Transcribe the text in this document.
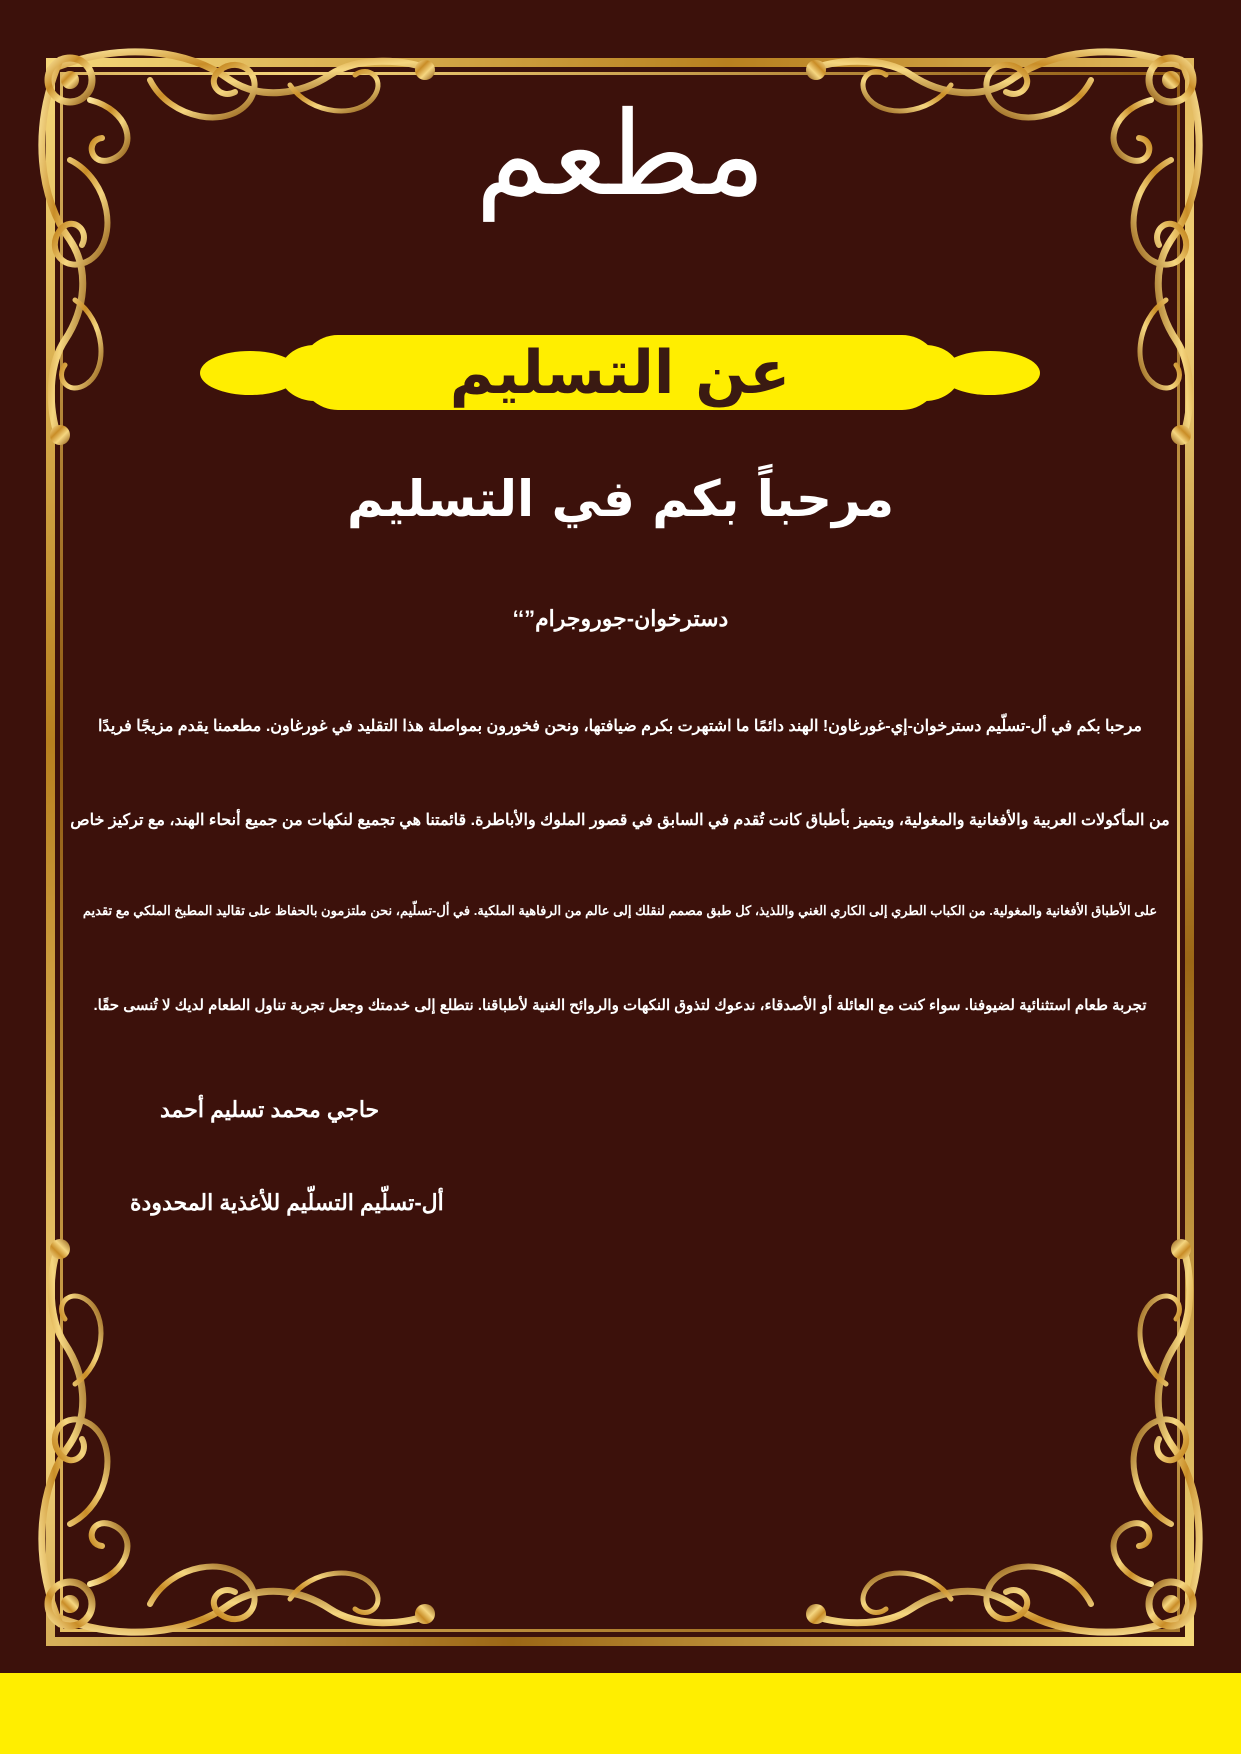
مطعم
عن التسليم
مرحباً بكم في التسليم
دسترخوان-جوروجرام”‘‘
مرحبا بكم في أل-تسلّيم دسترخوان-إي-غورغاون! الهند دائمًا ما اشتهرت بكرم ضيافتها، ونحن فخورون بمواصلة هذا التقليد في غورغاون. مطعمنا يقدم مزيجًا فريدًا
من المأكولات العربية والأفغانية والمغولية، ويتميز بأطباق كانت تُقدم في السابق في قصور الملوك والأباطرة. قائمتنا هي تجميع لنكهات من جميع أنحاء الهند، مع تركيز خاص
على الأطباق الأفغانية والمغولية. من الكباب الطري إلى الكاري الغني واللذيذ، كل طبق مصمم لنقلك إلى عالم من الرفاهية الملكية. في أل-تسلّيم، نحن ملتزمون بالحفاظ على تقاليد المطبخ الملكي مع تقديم
تجربة طعام استثنائية لضيوفنا. سواء كنت مع العائلة أو الأصدقاء، ندعوك لتذوق النكهات والروائح الغنية لأطباقنا. نتطلع إلى خدمتك وجعل تجربة تناول الطعام لديك لا تُنسى حقًا.
حاجي محمد تسليم أحمد
أل-تسلّيم التسلّيم للأغذية المحدودة
